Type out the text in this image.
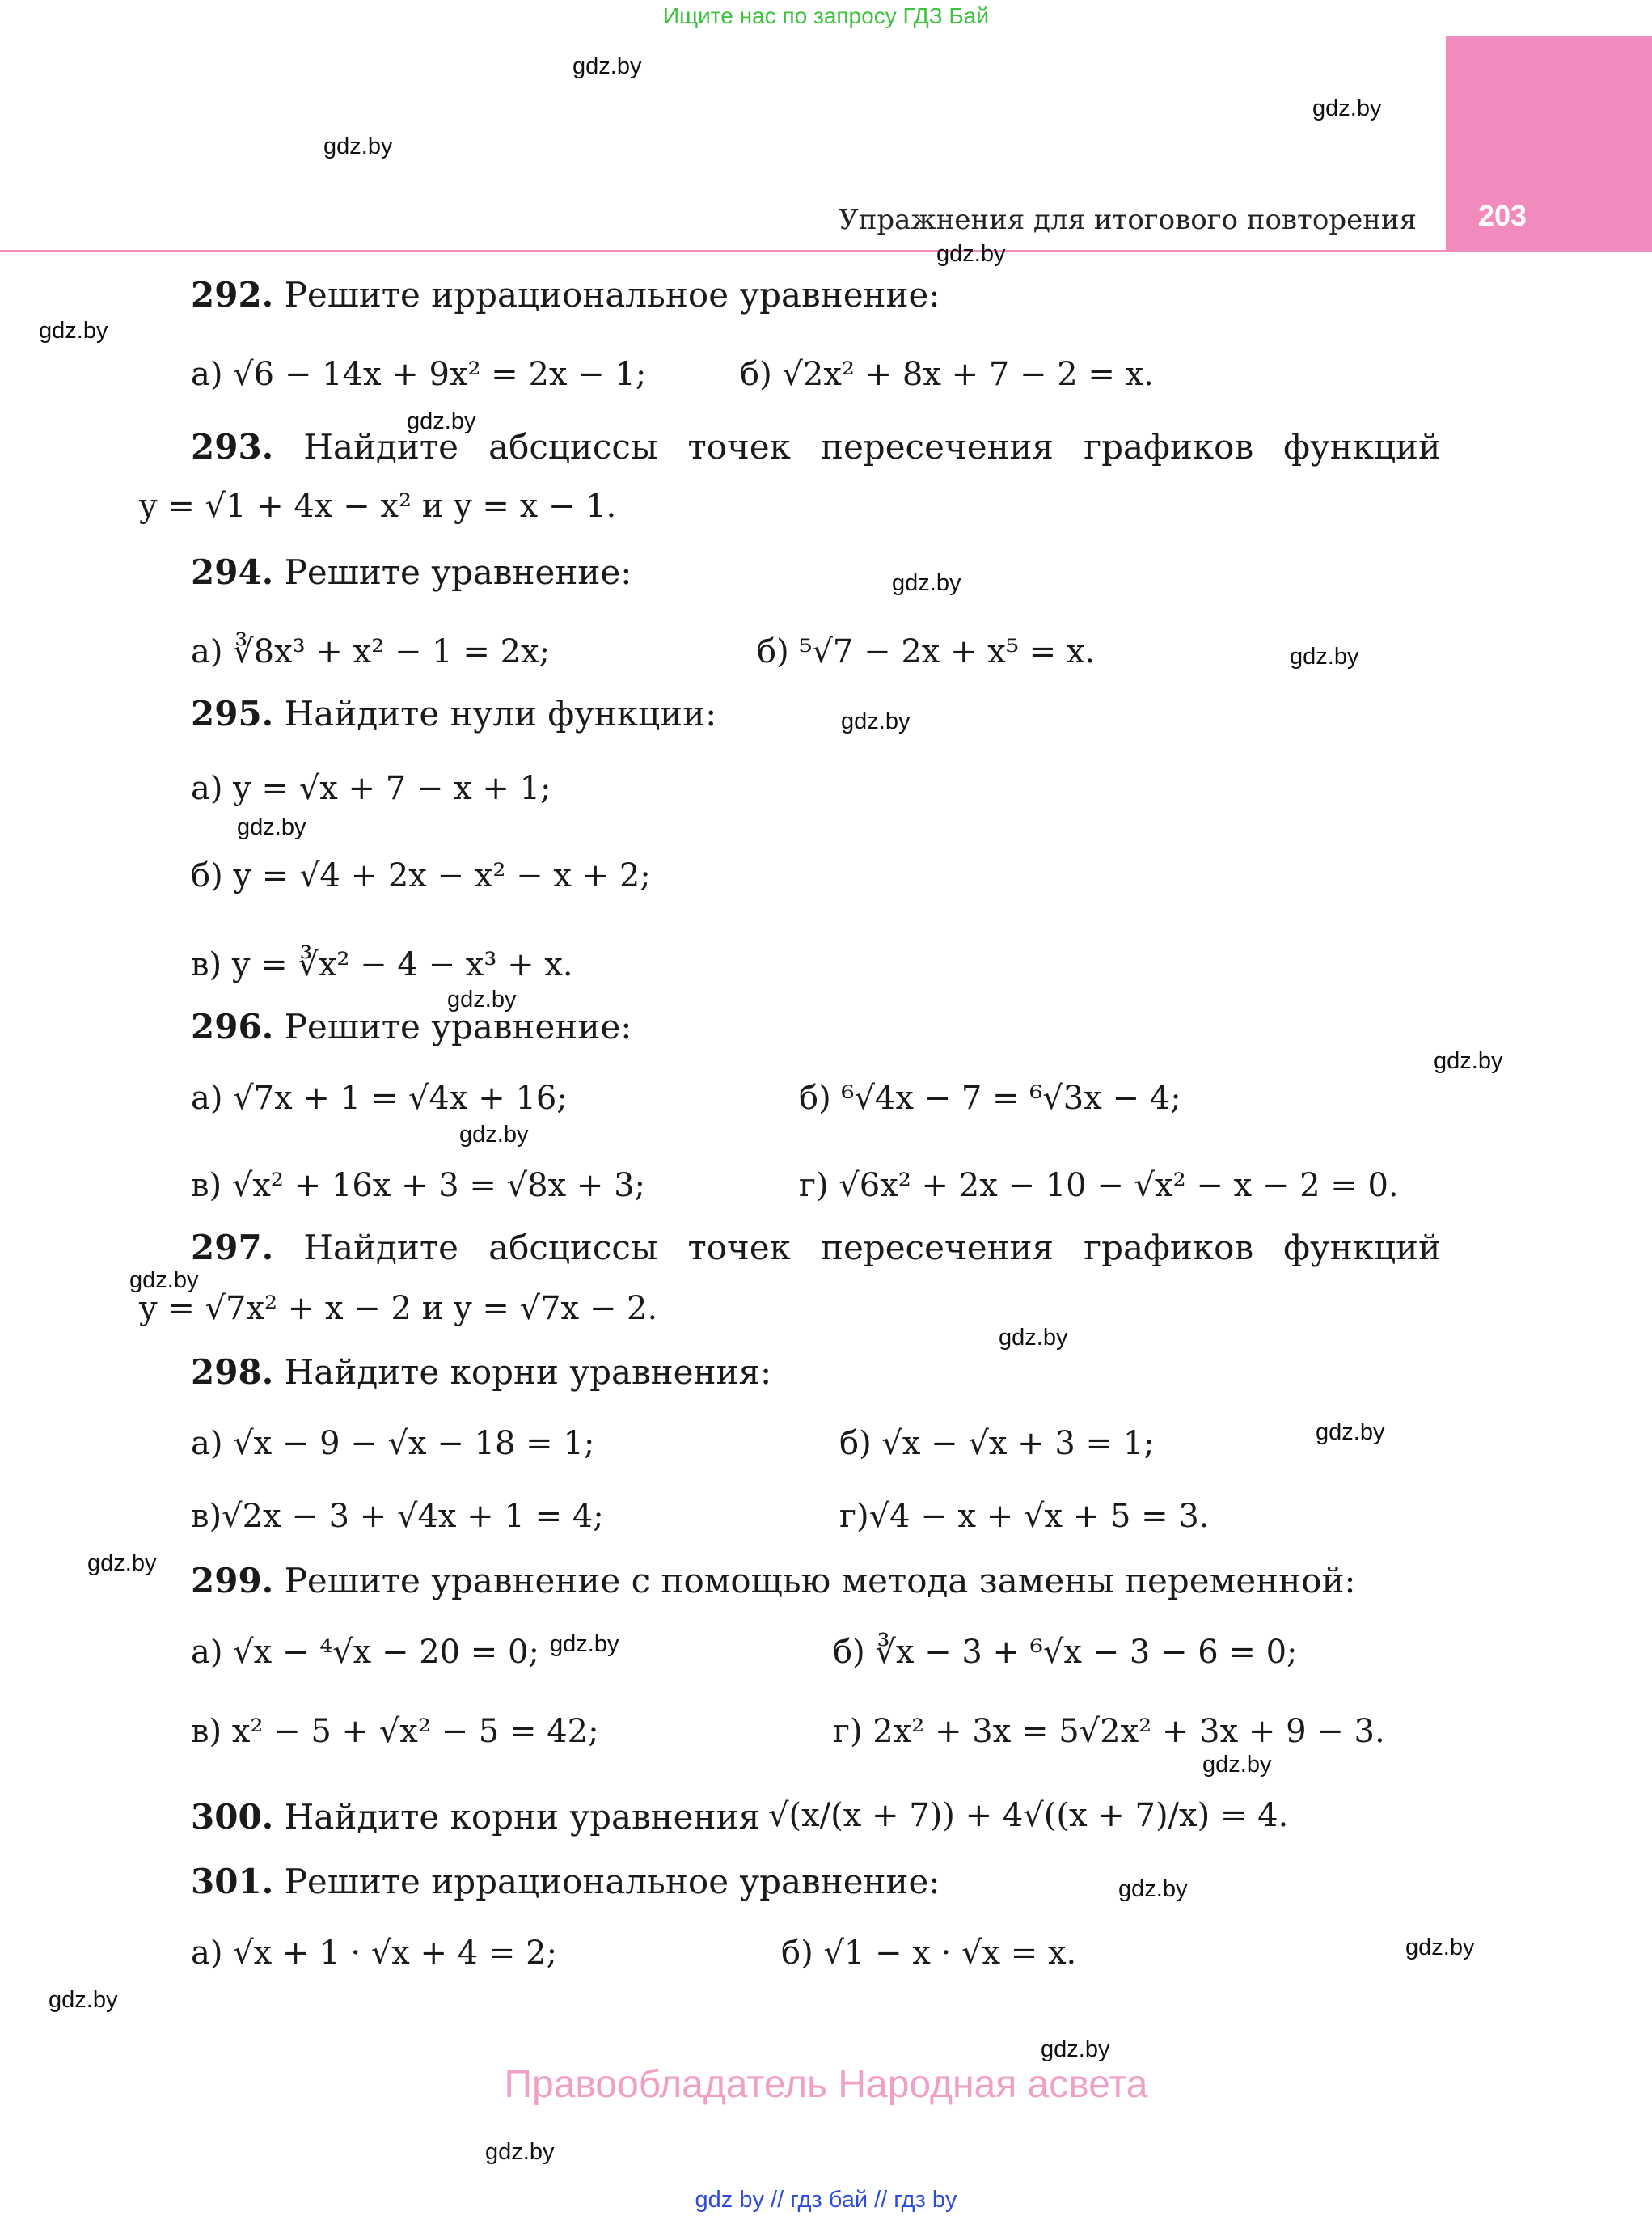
Ищите нас по запросу ГДЗ Бай
203
Упражнения для итогового повторения
gdz.by
gdz.by
gdz.by
gdz.by
gdz.by
gdz.by
gdz.by
gdz.by
gdz.by
gdz.by
gdz.by
gdz.by
gdz.by
gdz.by
gdz.by
gdz.by
gdz.by
gdz.by
gdz.by
gdz.by
gdz.by
gdz.by
gdz.by
gdz.by
292. Решите иррациональное уравнение:
а) √6 − 14x + 9x² = 2x − 1;	б) √2x² + 8x + 7 − 2 = x.
293. Найдите абсциссы точек пересечения графиков функций
y = √1 + 4x − x² и y = x − 1.
294. Решите уравнение:
а) ∛8x³ + x² − 1 = 2x;	б) ⁵√7 − 2x + x⁵ = x.
295. Найдите нули функции:
а) y = √x + 7 − x + 1;
б) y = √4 + 2x − x² − x + 2;
в) y = ∛x² − 4 − x³ + x.
296. Решите уравнение:
а) √7x + 1 = √4x + 16;	б) ⁶√4x − 7 = ⁶√3x − 4;
в) √x² + 16x + 3 = √8x + 3;	г) √6x² + 2x − 10 − √x² − x − 2 = 0.
297. Найдите абсциссы точек пересечения графиков функций
y = √7x² + x − 2 и y = √7x − 2.
298. Найдите корни уравнения:
а) √x − 9 − √x − 18 = 1;	б) √x − √x + 3 = 1;
в)√2x − 3 + √4x + 1 = 4;	г)√4 − x + √x + 5 = 3.
299. Решите уравнение с помощью метода замены переменной:
а) √x − ⁴√x − 20 = 0;	б) ∛x − 3 + ⁶√x − 3 − 6 = 0;
в) x² − 5 + √x² − 5 = 42;	г) 2x² + 3x = 5√2x² + 3x + 9 − 3.
300. Найдите корни уравнения √(x/(x + 7)) + 4√((x + 7)/x) = 4.
301. Решите иррациональное уравнение:
а) √x + 1 · √x + 4 = 2;	б) √1 − x · √x = x.
Правообладатель Народная асвета
gdz by // гдз бай // гдз by
